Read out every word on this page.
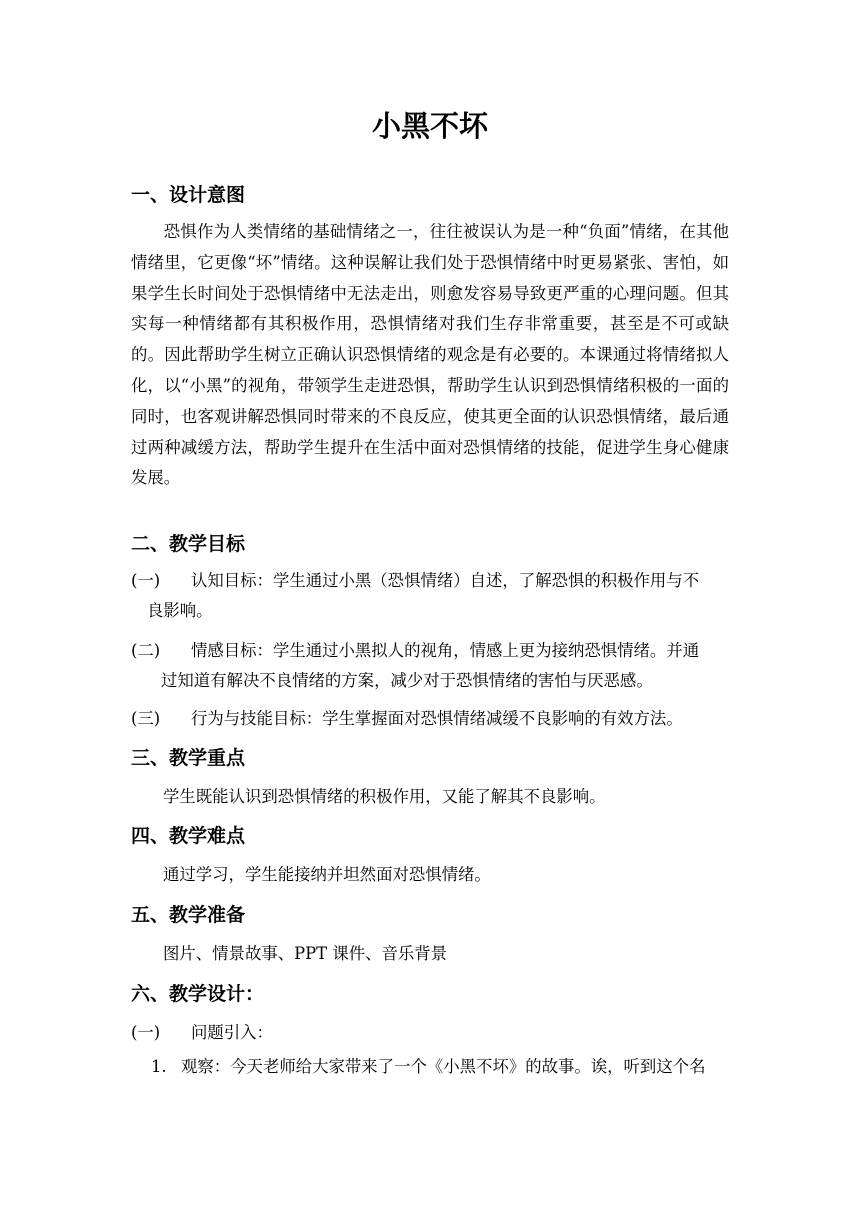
小黑不坏
一、设计意图
恐惧作为人类情绪的基础情绪之一，往往被误认为是一种“负面”情绪，在其他情绪里，它更像“坏”情绪。这种误解让我们处于恐惧情绪中时更易紧张、害怕，如果学生长时间处于恐惧情绪中无法走出，则愈发容易导致更严重的心理问题。但其实每一种情绪都有其积极作用，恐惧情绪对我们生存非常重要，甚至是不可或缺的。因此帮助学生树立正确认识恐惧情绪的观念是有必要的。本课通过将情绪拟人化，以“小黑”的视角，带领学生走进恐惧，帮助学生认识到恐惧情绪积极的一面的同时，也客观讲解恐惧同时带来的不良反应，使其更全面的认识恐惧情绪，最后通过两种减缓方法，帮助学生提升在生活中面对恐惧情绪的技能，促进学生身心健康发展。
二、教学目标
(一) 认知目标：学生通过小黑（恐惧情绪）自述，了解恐惧的积极作用与不
良影响。
(二) 情感目标：学生通过小黑拟人的视角，情感上更为接纳恐惧情绪。并通
过知道有解决不良情绪的方案，减少对于恐惧情绪的害怕与厌恶感。
(三) 行为与技能目标：学生掌握面对恐惧情绪减缓不良影响的有效方法。
三、教学重点
学生既能认识到恐惧情绪的积极作用，又能了解其不良影响。
四、教学难点
通过学习，学生能接纳并坦然面对恐惧情绪。
五、教学准备
图片、情景故事、PPT 课件、音乐背景
六、教学设计：
(一) 问题引入：
1. 观察：今天老师给大家带来了一个《小黑不坏》的故事。诶，听到这个名
